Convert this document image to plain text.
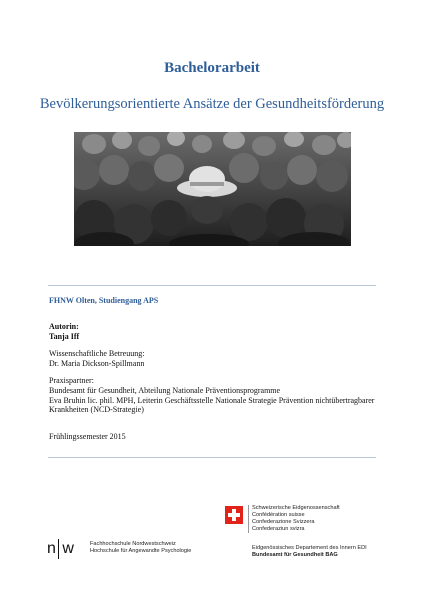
Bachelorarbeit
Bevölkerungsorientierte Ansätze der Gesundheitsförderung
FHNW Olten, Studiengang APS
Autorin:
Tanja Iff
Wissenschaftliche Betreuung:
Dr. Maria Dickson-Spillmann
Praxispartner:
Bundesamt für Gesundheit, Abteilung Nationale Präventionsprogramme
Eva Bruhin lic. phil. MPH, Leiterin Geschäftsstelle Nationale Strategie Prävention nichtübertragbarer Krankheiten (NCD-Strategie)
Frühlingssemester 2015
n w	Fachhochschule Nordwestschweiz
Hochschule für Angewandte Psychologie
Schweizerische Eidgenossenschaft
Confédération suisse
Confederazione Svizzera
Confederaziun svizra
Eidgenössisches Departement des Innern EDI
Bundesamt für Gesundheit BAG
